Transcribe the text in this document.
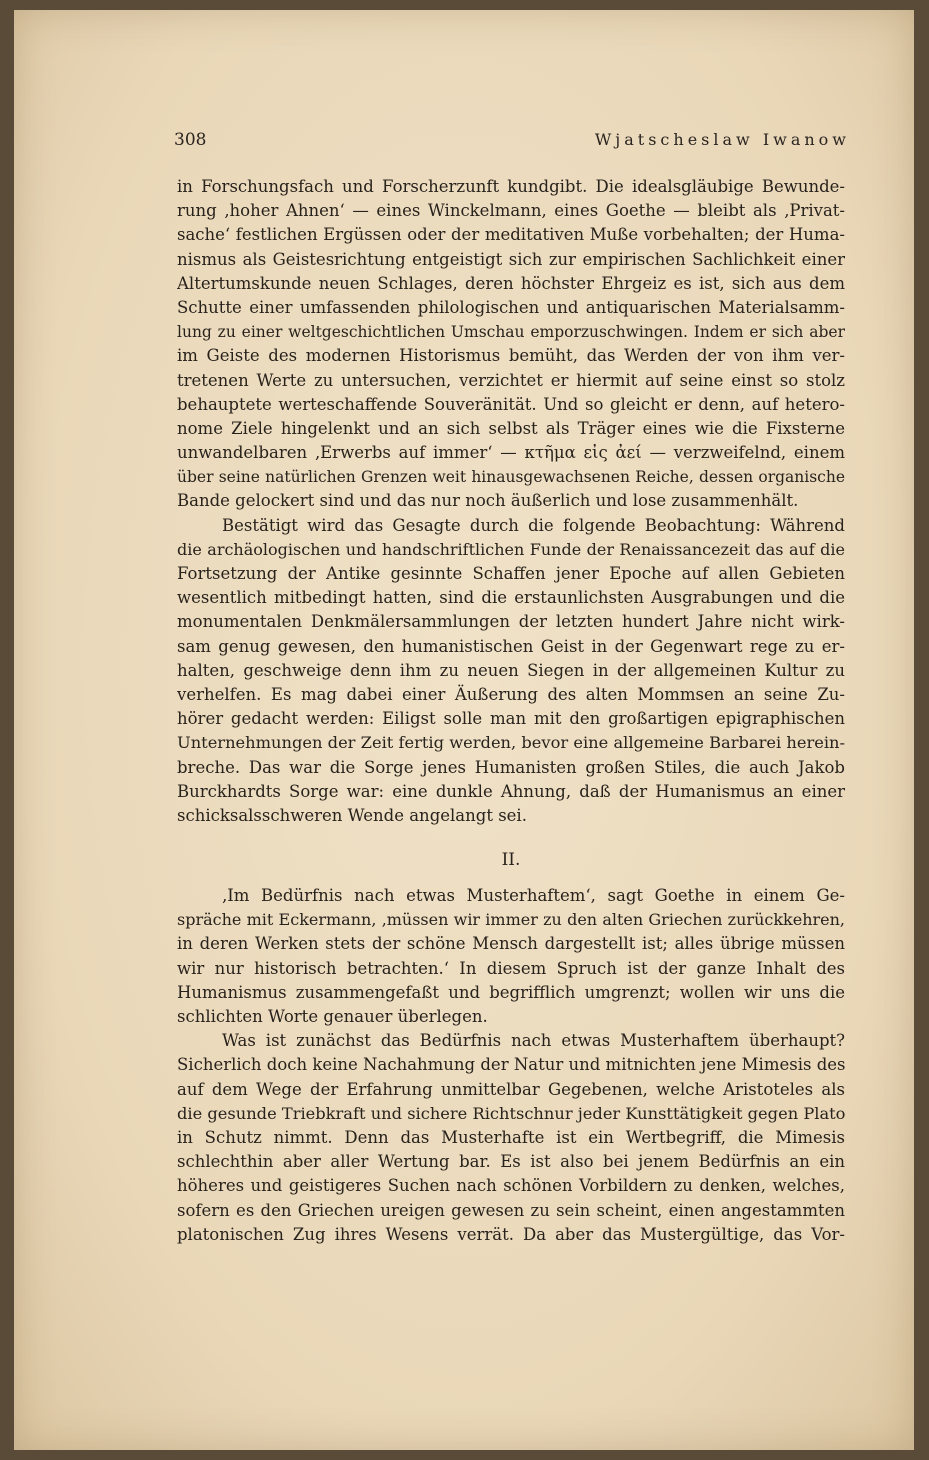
308	Wjatscheslaw Iwanow
in Forschungsfach und Forscherzunft kundgibt. Die idealsgläubige Bewunde-
rung ‚hoher Ahnen‘ — eines Winckelmann, eines Goethe — bleibt als ‚Privat-
sache‘ festlichen Ergüssen oder der meditativen Muße vorbehalten; der Huma-
nismus als Geistesrichtung entgeistigt sich zur empirischen Sachlichkeit einer
Altertumskunde neuen Schlages, deren höchster Ehrgeiz es ist, sich aus dem
Schutte einer umfassenden philologischen und antiquarischen Materialsamm-
lung zu einer weltgeschichtlichen Umschau emporzuschwingen. Indem er sich aber
im Geiste des modernen Historismus bemüht, das Werden der von ihm ver-
tretenen Werte zu untersuchen, verzichtet er hiermit auf seine einst so stolz
behauptete werteschaffende Souveränität. Und so gleicht er denn, auf hetero-
nome Ziele hingelenkt und an sich selbst als Träger eines wie die Fixsterne
unwandelbaren ‚Erwerbs auf immer‘ — κτῆμα εἰς ἀεί — verzweifelnd, einem
über seine natürlichen Grenzen weit hinausgewachsenen Reiche, dessen organische
Bande gelockert sind und das nur noch äußerlich und lose zusammenhält.
Bestätigt wird das Gesagte durch die folgende Beobachtung: Während
die archäologischen und handschriftlichen Funde der Renaissancezeit das auf die
Fortsetzung der Antike gesinnte Schaffen jener Epoche auf allen Gebieten
wesentlich mitbedingt hatten, sind die erstaunlichsten Ausgrabungen und die
monumentalen Denkmälersammlungen der letzten hundert Jahre nicht wirk-
sam genug gewesen, den humanistischen Geist in der Gegenwart rege zu er-
halten, geschweige denn ihm zu neuen Siegen in der allgemeinen Kultur zu
verhelfen. Es mag dabei einer Äußerung des alten Mommsen an seine Zu-
hörer gedacht werden: Eiligst solle man mit den großartigen epigraphischen
Unternehmungen der Zeit fertig werden, bevor eine allgemeine Barbarei herein-
breche. Das war die Sorge jenes Humanisten großen Stiles, die auch Jakob
Burckhardts Sorge war: eine dunkle Ahnung, daß der Humanismus an einer
schicksalsschweren Wende angelangt sei.
II.
‚Im Bedürfnis nach etwas Musterhaftem‘, sagt Goethe in einem Ge-
spräche mit Eckermann, ‚müssen wir immer zu den alten Griechen zurückkehren,
in deren Werken stets der schöne Mensch dargestellt ist; alles übrige müssen
wir nur historisch betrachten.‘ In diesem Spruch ist der ganze Inhalt des
Humanismus zusammengefaßt und begrifflich umgrenzt; wollen wir uns die
schlichten Worte genauer überlegen.
Was ist zunächst das Bedürfnis nach etwas Musterhaftem überhaupt?
Sicherlich doch keine Nachahmung der Natur und mitnichten jene Mimesis des
auf dem Wege der Erfahrung unmittelbar Gegebenen, welche Aristoteles als
die gesunde Triebkraft und sichere Richtschnur jeder Kunsttätigkeit gegen Plato
in Schutz nimmt. Denn das Musterhafte ist ein Wertbegriff, die Mimesis
schlechthin aber aller Wertung bar. Es ist also bei jenem Bedürfnis an ein
höheres und geistigeres Suchen nach schönen Vorbildern zu denken, welches,
sofern es den Griechen ureigen gewesen zu sein scheint, einen angestammten
platonischen Zug ihres Wesens verrät. Da aber das Mustergültige, das Vor-
